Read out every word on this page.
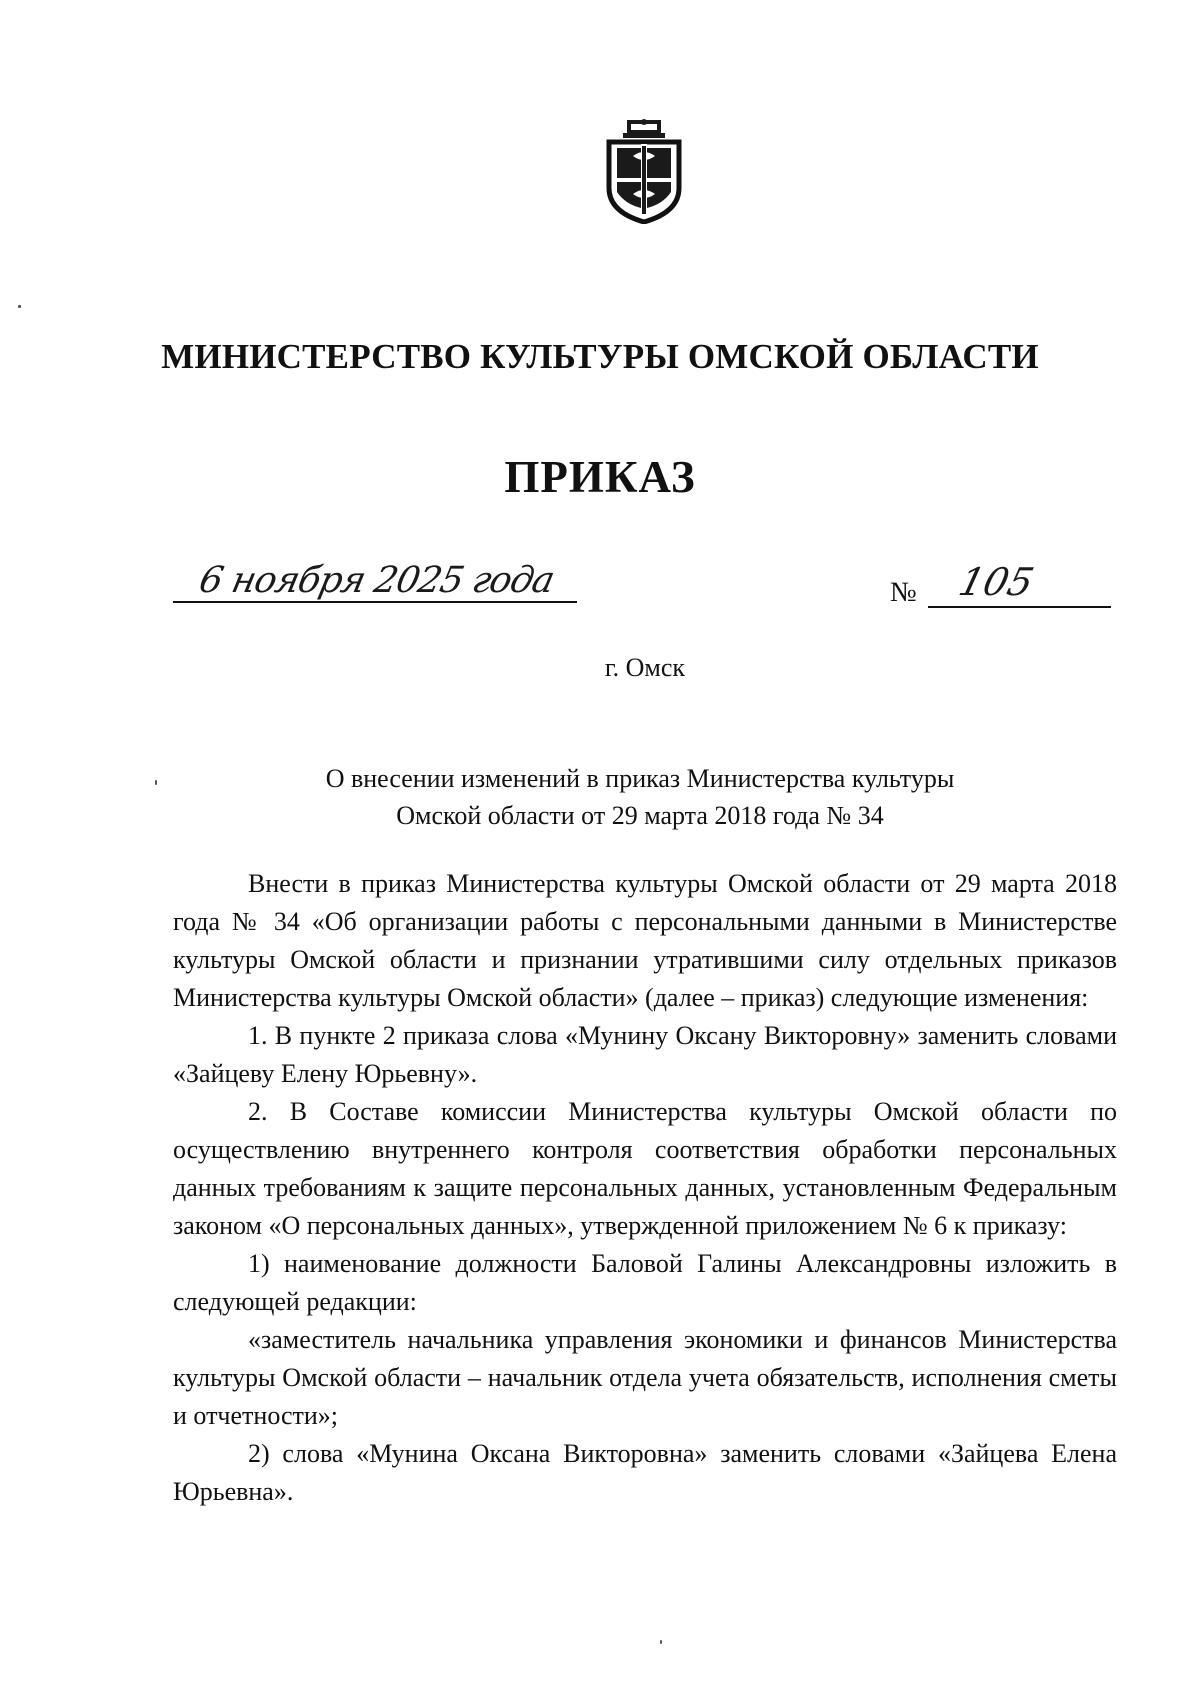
МИНИСТЕРСТВО КУЛЬТУРЫ ОМСКОЙ ОБЛАСТИ
ПРИКАЗ
6 ноября 2025 года	№ 105
г. Омск
О внесении изменений в приказ Министерства культуры
Омской области от 29 марта 2018 года № 34

Внести в приказ Министерства культуры Омской области от 29 марта 2018 года № 34 «Об организации работы с персональными данными в Министерстве культуры Омской области и признании утратившими силу отдельных приказов Министерства культуры Омской области» (далее – приказ) следующие изменения:

1. В пункте 2 приказа слова «Мунину Оксану Викторовну» заменить словами «Зайцеву Елену Юрьевну».

2. В Составе комиссии Министерства культуры Омской области по осуществлению внутреннего контроля соответствия обработки персональных данных требованиям к защите персональных данных, установленным Федеральным законом «О персональных данных», утвержденной приложением № 6 к приказу:

1) наименование должности Баловой Галины Александровны изложить в следующей редакции:

«заместитель начальника управления экономики и финансов Министерства культуры Омской области – начальник отдела учета обязательств, исполнения сметы и отчетности»;

2) слова «Мунина Оксана Викторовна» заменить словами «Зайцева Елена Юрьевна».
